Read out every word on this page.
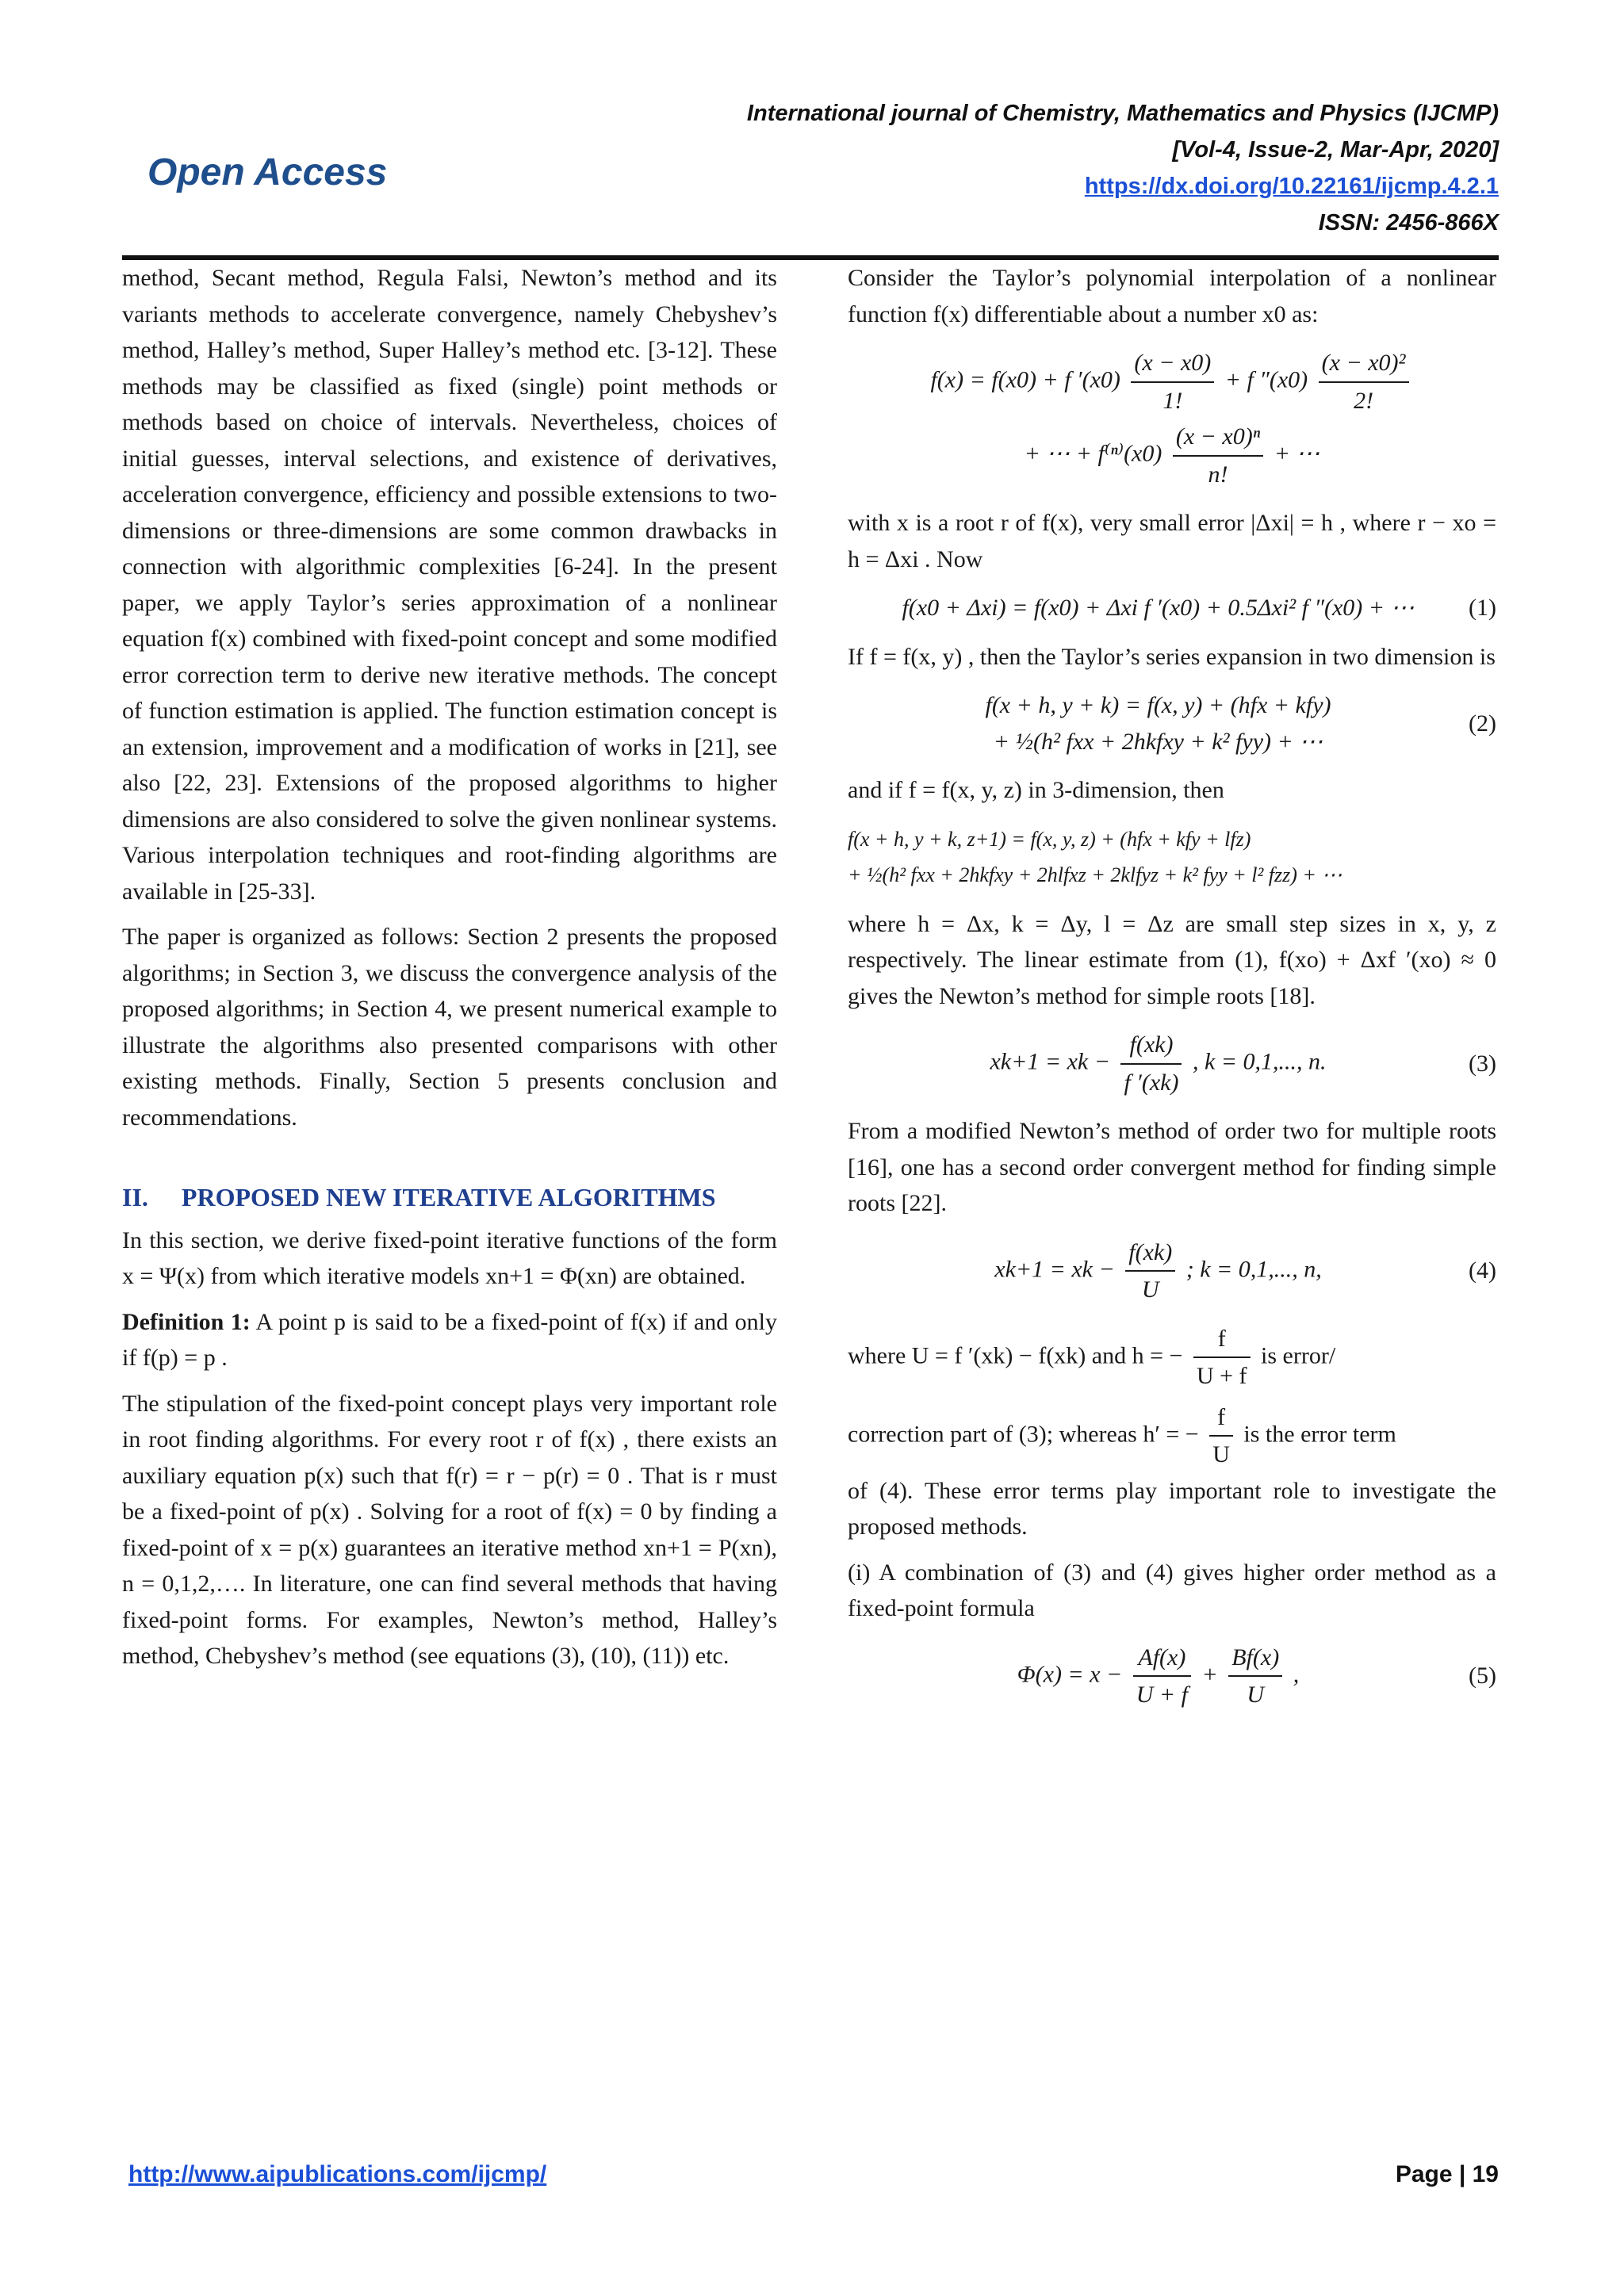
Open Access
International journal of Chemistry, Mathematics and Physics (IJCMP)
[Vol-4, Issue-2, Mar-Apr, 2020]
https://dx.doi.org/10.22161/ijcmp.4.2.1
ISSN: 2456-866X

method, Secant method, Regula Falsi, Newton’s method and its variants methods to accelerate convergence, namely Chebyshev’s method, Halley’s method, Super Halley’s method etc. [3-12]. These methods may be classified as fixed (single) point methods or methods based on choice of intervals. Nevertheless, choices of initial guesses, interval selections, and existence of derivatives, acceleration convergence, efficiency and possible extensions to two-dimensions or three-dimensions are some common drawbacks in connection with algorithmic complexities [6-24]. In the present paper, we apply Taylor’s series approximation of a nonlinear equation f(x) combined with fixed-point concept and some modified error correction term to derive new iterative methods. The concept of function estimation is applied. The function estimation concept is an extension, improvement and a modification of works in [21], see also [22, 23]. Extensions of the proposed algorithms to higher dimensions are also considered to solve the given nonlinear systems. Various interpolation techniques and root-finding algorithms are available in [25-33].

The paper is organized as follows: Section 2 presents the proposed algorithms; in Section 3, we discuss the convergence analysis of the proposed algorithms; in Section 4, we present numerical example to illustrate the algorithms also presented comparisons with other existing methods. Finally, Section 5 presents conclusion and recommendations.

II. PROPOSED NEW ITERATIVE ALGORITHMS

In this section, we derive fixed-point iterative functions of the form x = Ψ(x) from which iterative models xn+1 = Φ(xn) are obtained.

Definition 1: A point p is said to be a fixed-point of f(x) if and only if f(p) = p .

The stipulation of the fixed-point concept plays very important role in root finding algorithms. For every root r of f(x) , there exists an auxiliary equation p(x) such that f(r) = r − p(r) = 0 . That is r must be a fixed-point of p(x) . Solving for a root of f(x) = 0 by finding a fixed-point of x = p(x) guarantees an iterative method xn+1 = P(xn), n = 0,1,2,…. In literature, one can find several methods that having fixed-point forms. For examples, Newton’s method, Halley’s method, Chebyshev’s method (see equations (3), (10), (11)) etc.

Consider the Taylor’s polynomial interpolation of a nonlinear function f(x) differentiable about a number x0 as:

f(x) = f(x0) + f $'(x0) \frac{(x - x0)}{1!} + f$ $''(x0) \frac{\text{(x − x0)²}}{2!}$
+ ⋯ + $f^{(n)}(x0) \frac{\text{(x − x0)ⁿ}}{n!}$ + ⋯

with x is a root r of f(x), very small error |Δxi| = h , where r − xo = h = Δxi . Now

f(x0 + Δxi) = f(x0) + Δxi f ′(x0) + 0.5Δxi² f ″(x0) + ⋯	(1)

If f = f(x, y) , then the Taylor’s series expansion in two dimension is

f(x + h, y + k) = f(x, y) + (hfx + kfy)
+ ½(h² fxx + 2hkfxy + k² fyy) + ⋯
(2)

and if f = f(x, y, z) in 3-dimension, then

f(x + h, y + k, z+1) = f(x, y, z) + (hfx + kfy + lfz)
+ ½(h² fxx + 2hkfxy + 2hlfxz + 2klfyz + k² fyy + l² fzz) + ⋯

where h = Δx, k = Δy, l = Δz are small step sizes in x, y, z respectively. The linear estimate from (1), f(xo) + Δxf ′(xo) ≈ 0 gives the Newton’s method for simple roots [18].

xk+1 = xk − $\frac{f(xk)}{f '(xk)}$ , k = 0,1,..., n.	(3)

From a modified Newton’s method of order two for multiple roots [16], one has a second order convergent method for finding simple roots [22].

xk+1 = xk − $\frac{f(xk)}{U}$ ; k = 0,1,..., n,	(4)

where U = f ′(xk) − f(xk) and h = − $\frac{f}{U + f}$ is error/

correction part of (3); whereas h′ = − $\frac{f}{U}$ is the error term

of (4). These error terms play important role to investigate the proposed methods.

(i) A combination of (3) and (4) gives higher order method as a fixed-point formula

$\Phi(x) = x - \frac{Af(x)}{U + f} + \frac{Bf(x)}{U}$ ,	(5)
http://www.aipublications.com/ijcmp/	Page | 19
